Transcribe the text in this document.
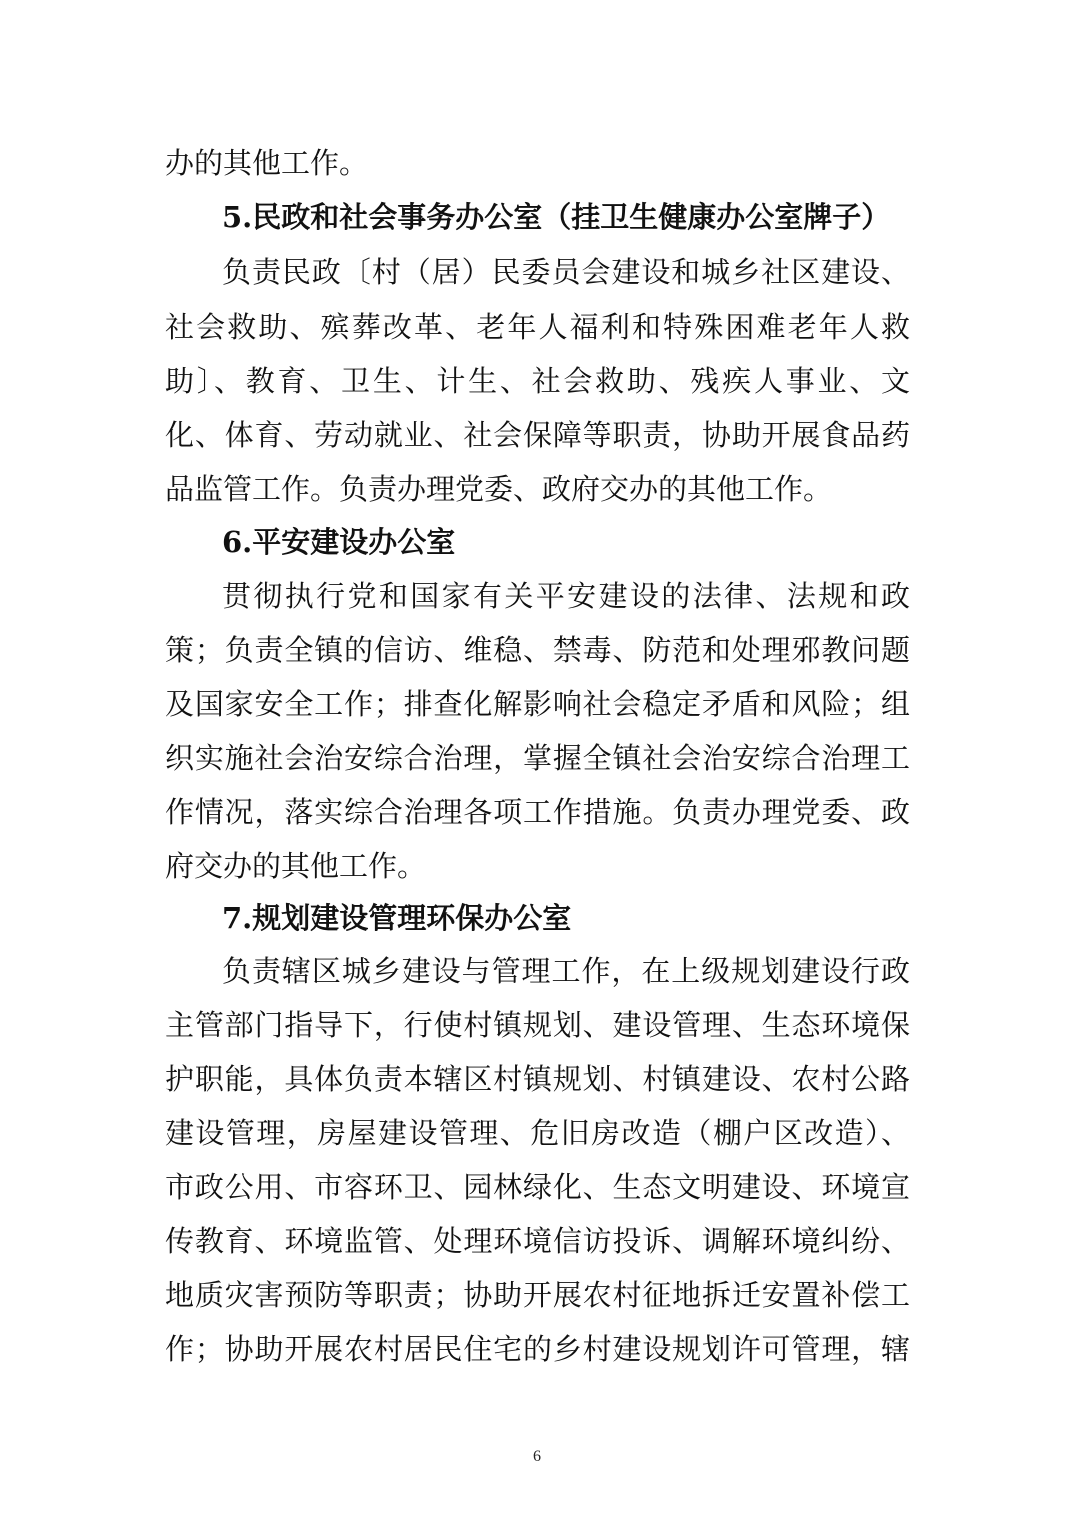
办的其他工作。
5.民政和社会事务办公室（挂卫生健康办公室牌子）
负责民政〔村（居）民委员会建设和城乡社区建设、
社会救助、殡葬改革、老年人福利和特殊困难老年人救
助〕、教育、卫生、计生、社会救助、残疾人事业、文
化、体育、劳动就业、社会保障等职责，协助开展食品药
品监管工作。负责办理党委、政府交办的其他工作。
6.平安建设办公室
贯彻执行党和国家有关平安建设的法律、法规和政
策；负责全镇的信访、维稳、禁毒、防范和处理邪教问题
及国家安全工作；排查化解影响社会稳定矛盾和风险；组
织实施社会治安综合治理，掌握全镇社会治安综合治理工
作情况，落实综合治理各项工作措施。负责办理党委、政
府交办的其他工作。
7.规划建设管理环保办公室
负责辖区城乡建设与管理工作，在上级规划建设行政
主管部门指导下，行使村镇规划、建设管理、生态环境保
护职能，具体负责本辖区村镇规划、村镇建设、农村公路
建设管理，房屋建设管理、危旧房改造（棚户区改造）、
市政公用、市容环卫、园林绿化、生态文明建设、环境宣
传教育、环境监管、处理环境信访投诉、调解环境纠纷、
地质灾害预防等职责；协助开展农村征地拆迁安置补偿工
作；协助开展农村居民住宅的乡村建设规划许可管理，辖
6
